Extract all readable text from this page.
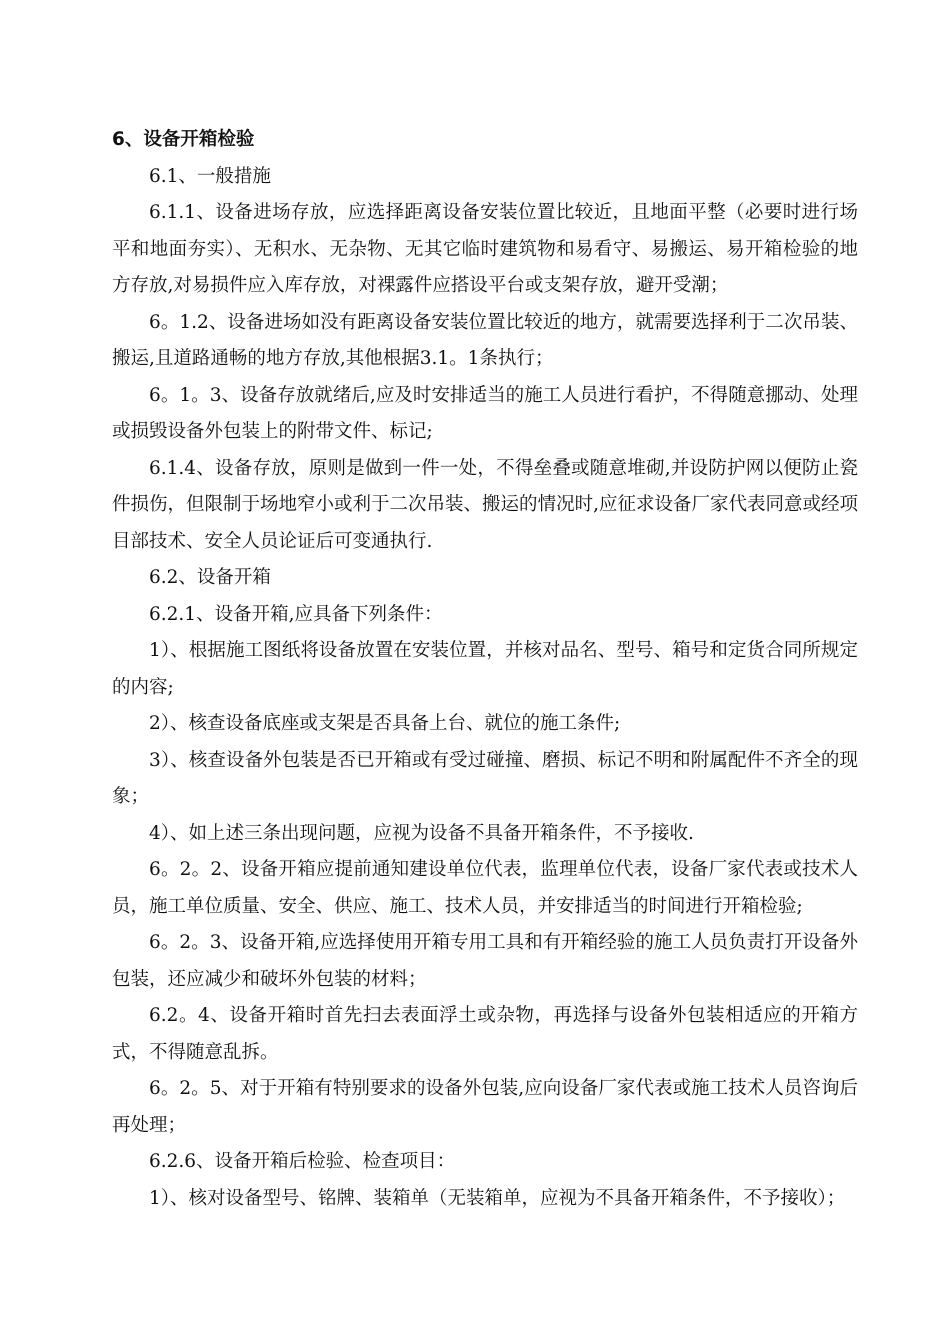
6、设备开箱检验

6.1、一般措施

6.1.1、设备进场存放，应选择距离设备安装位置比较近，且地面平整（必要时进行场平和地面夯实）、无积水、无杂物、无其它临时建筑物和易看守、易搬运、易开箱检验的地方存放,对易损件应入库存放，对裸露件应搭设平台或支架存放，避开受潮；

6。1.2、设备进场如没有距离设备安装位置比较近的地方，就需要选择利于二次吊装、搬运,且道路通畅的地方存放,其他根据3.1。1条执行；

6。1。3、设备存放就绪后,应及时安排适当的施工人员进行看护，不得随意挪动、处理或损毁设备外包装上的附带文件、标记;

6.1.4、设备存放，原则是做到一件一处，不得垒叠或随意堆砌,并设防护网以便防止瓷件损伤，但限制于场地窄小或利于二次吊装、搬运的情况时,应征求设备厂家代表同意或经项目部技术、安全人员论证后可变通执行.

6.2、设备开箱

6.2.1、设备开箱,应具备下列条件：

1）、根据施工图纸将设备放置在安装位置，并核对品名、型号、箱号和定货合同所规定的内容;

2）、核查设备底座或支架是否具备上台、就位的施工条件;

3）、核查设备外包装是否已开箱或有受过碰撞、磨损、标记不明和附属配件不齐全的现象；

4）、如上述三条出现问题，应视为设备不具备开箱条件，不予接收.

6。2。2、设备开箱应提前通知建设单位代表，监理单位代表，设备厂家代表或技术人员，施工单位质量、安全、供应、施工、技术人员，并安排适当的时间进行开箱检验;

6。2。3、设备开箱,应选择使用开箱专用工具和有开箱经验的施工人员负责打开设备外包装，还应减少和破坏外包装的材料；

6.2。4、设备开箱时首先扫去表面浮土或杂物，再选择与设备外包装相适应的开箱方式，不得随意乱拆。

6。2。5、对于开箱有特别要求的设备外包装,应向设备厂家代表或施工技术人员咨询后再处理；

6.2.6、设备开箱后检验、检查项目：

1）、核对设备型号、铭牌、装箱单（无装箱单，应视为不具备开箱条件，不予接收）；
